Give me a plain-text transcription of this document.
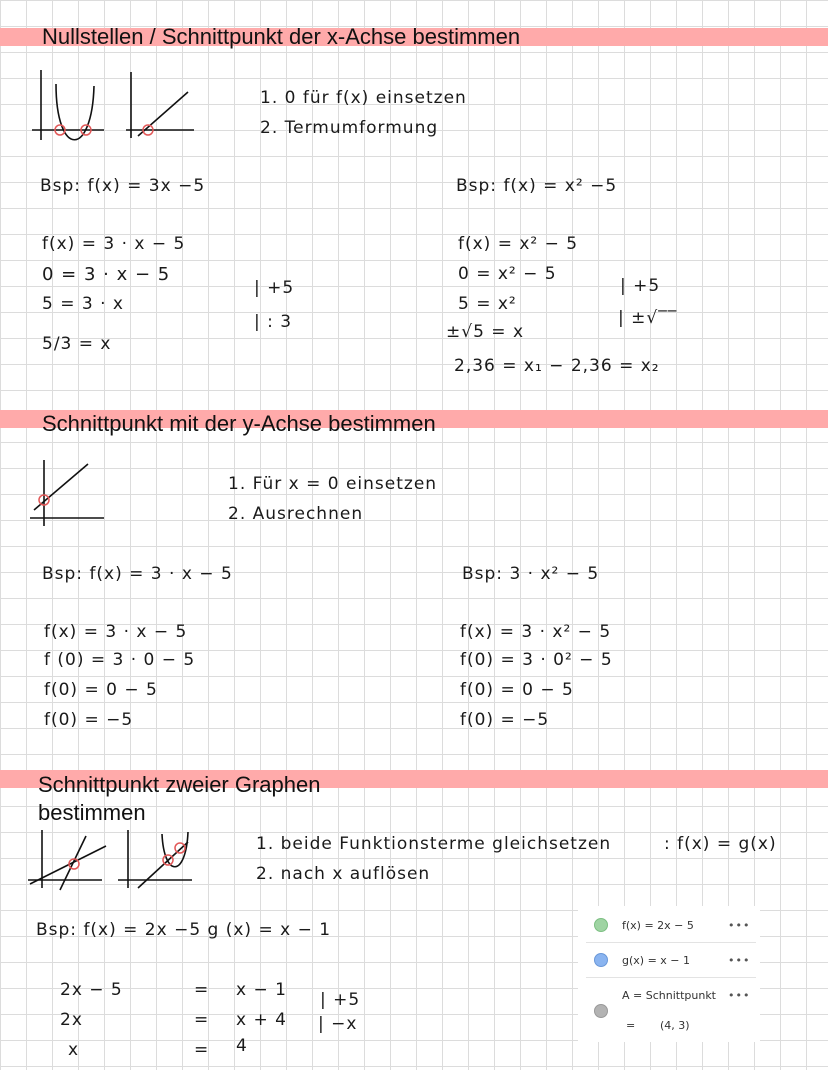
Nullstellen / Schnittpunkt der x-Achse bestimmen
1. 0 für f(x) einsetzen
2. Termumformung
Bsp: f(x) = 3x −5	Bsp: f(x) = x² −5
f(x) = 3 · x − 5
0 = 3 · x − 5
5 = 3 · x
5/3 = x
| +5
| : 3
f(x) = x² − 5
0 = x² − 5
5 = x²
±√5 = x
2,36 = x₁ − 2,36 = x₂
| +5
| ±√‾‾
Schnittpunkt mit der y-Achse bestimmen
1. Für x = 0 einsetzen
2. Ausrechnen
Bsp: f(x) = 3 · x − 5	Bsp: 3 · x² − 5
f(x) = 3 · x − 5
f (0) = 3 · 0 − 5
f(0) = 0 − 5
f(0) = −5
f(x) = 3 · x² − 5
f(0) = 3 · 0² − 5
f(0) = 0 − 5
f(0) = −5
Schnittpunkt zweier Graphen
bestimmen
1. beide Funktionsterme gleichsetzen
2. nach x auflösen
: f(x) = g(x)
Bsp: f(x) = 2x −5 g (x) = x − 1
2x − 5	= x − 1
2x	= x + 4
x	= 4
| +5
| −x
f(x) = 2x − 5	•••
g(x) = x − 1	•••
A = Schnittpunkt •••
= (4, 3)
